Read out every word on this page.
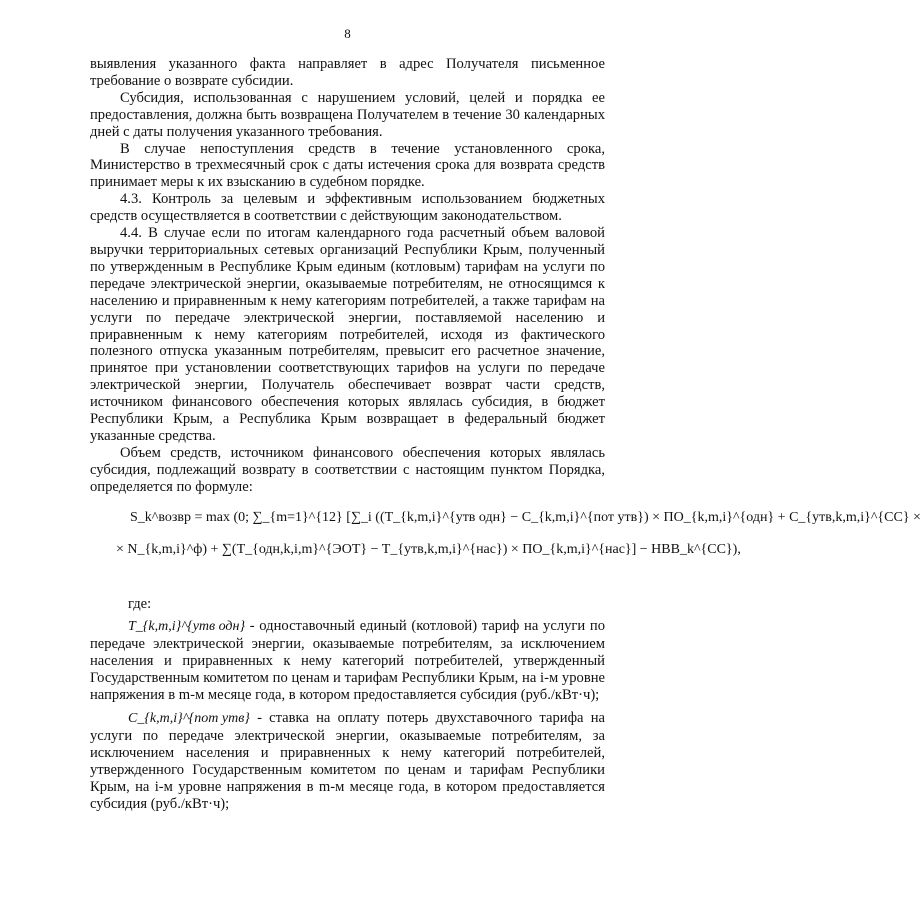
8

выявления указанного факта направляет в адрес Получателя письменное требование о возврате субсидии.

Субсидия, использованная с нарушением условий, целей и порядка ее предоставления, должна быть возвращена Получателем в течение 30 календарных дней с даты получения указанного требования.

В случае непоступления средств в течение установленного срока, Министерство в трехмесячный срок с даты истечения срока для возврата средств принимает меры к их взысканию в судебном порядке.

4.3. Контроль за целевым и эффективным использованием бюджетных средств осуществляется в соответствии с действующим законодательством.

4.4. В случае если по итогам календарного года расчетный объем валовой выручки территориальных сетевых организаций Республики Крым, полученный по утвержденным в Республике Крым единым (котловым) тарифам на услуги по передаче электрической энергии, оказываемые потребителям, не относящимся к населению и приравненным к нему категориям потребителей, а также тарифам на услуги по передаче электрической энергии, поставляемой населению и приравненным к нему категориям потребителей, исходя из фактического полезного отпуска указанным потребителям, превысит его расчетное значение, принятое при установлении соответствующих тарифов на услуги по передаче электрической энергии, Получатель обеспечивает возврат части средств, источником финансового обеспечения которых являлась субсидия, в бюджет Республики Крым, а Республика Крым возвращает в федеральный бюджет указанные средства.

Объем средств, источником финансового обеспечения которых являлась субсидия, подлежащий возврату в соответствии с настоящим пунктом Порядка, определяется по формуле:

S_k^возвр = max (0; ∑_{m=1}^{12} [∑_i ((T_{k,m,i}^{утв одн} − C_{k,m,i}^{пот утв}) × ПО_{k,m,i}^{одн} + C_{утв,k,m,i}^{CC} ×
× N_{k,m,i}^ф) + ∑(T_{одн,k,i,m}^{ЭОТ} − T_{утв,k,m,i}^{нас}) × ПО_{k,m,i}^{нас}] − НВВ_k^{CC}),

где:

T_{k,m,i}^{утв одн} - одноставочный единый (котловой) тариф на услуги по передаче электрической энергии, оказываемые потребителям, за исключением населения и приравненных к нему категорий потребителей, утвержденный Государственным комитетом по ценам и тарифам Республики Крым, на i-м уровне напряжения в m-м месяце года, в котором предоставляется субсидия (руб./кВт·ч);

C_{k,m,i}^{пот утв} - ставка на оплату потерь двухставочного тарифа на услуги по передаче электрической энергии, оказываемые потребителям, за исключением населения и приравненных к нему категорий потребителей, утвержденного Государственным комитетом по ценам и тарифам Республики Крым, на i-м уровне напряжения в m-м месяце года, в котором предоставляется субсидия (руб./кВт·ч);
